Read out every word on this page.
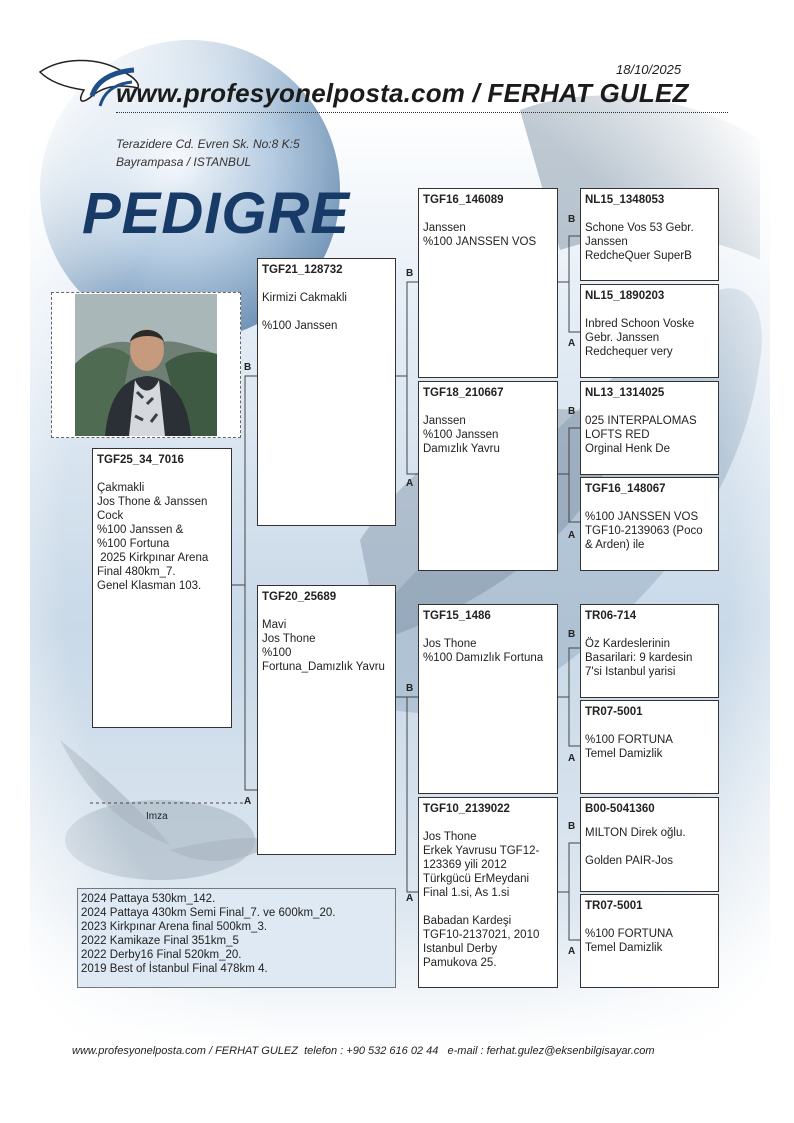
18/10/2025
www.profesyonelposta.com / FERHAT GULEZ
Terazidere Cd. Evren Sk. No:8 K:5
Bayrampasa / ISTANBUL
PEDIGRE
Imza
TGF25_34_7016
Çakmakli
Jos Thone & Janssen
Cock
%100 Janssen &
%100 Fortuna
2025 Kirkpınar Arena
Final 480km_7.
Genel Klasman 103.
B
TGF21_128732
Kirmizi Cakmakli
%100 Janssen
A
TGF20_25689
Mavi
Jos Thone
%100
Fortuna_Damızlık Yavru
B
TGF16_146089
Janssen
%100 JANSSEN VOS
A
TGF18_210667
Janssen
%100 Janssen
Damızlık Yavru
B
TGF15_1486
Jos Thone
%100 Damızlık Fortuna
A
TGF10_2139022
Jos Thone
Erkek Yavrusu TGF12-
123369 yili 2012
Türkgücü ErMeydani
Final 1.si, As 1.si
Babadan Kardeşi
TGF10-2137021, 2010
Istanbul Derby
Pamukova 25.
B
NL15_1348053
Schone Vos 53 Gebr.
Janssen
RedcheQuer SuperB
A
NL15_1890203
Inbred Schoon Voske
Gebr. Janssen
Redchequer very
B
NL13_1314025
025 INTERPALOMAS
LOFTS RED
Orginal Henk De
A
TGF16_148067
%100 JANSSEN VOS
TGF10-2139063 (Poco
& Arden) ile
B
TR06-714
Öz Kardeslerinin
Basarilari: 9 kardesin
7'si Istanbul yarisi
A
TR07-5001
%100 FORTUNA
Temel Damizlik
B
B00-5041360
MILTON Direk oğlu.
Golden PAIR-Jos
A
TR07-5001
%100 FORTUNA
Temel Damizlik
2024 Pattaya 530km_142.
2024 Pattaya 430km Semi Final_7. ve 600km_20.
2023 Kirkpınar Arena final 500km_3.
2022 Kamikaze Final 351km_5
2022 Derby16 Final 520km_20.
2019 Best of İstanbul Final 478km 4.
www.profesyonelposta.com / FERHAT GULEZ  telefon : +90 532 616 02 44   e-mail : ferhat.gulez@eksenbilgisayar.com
